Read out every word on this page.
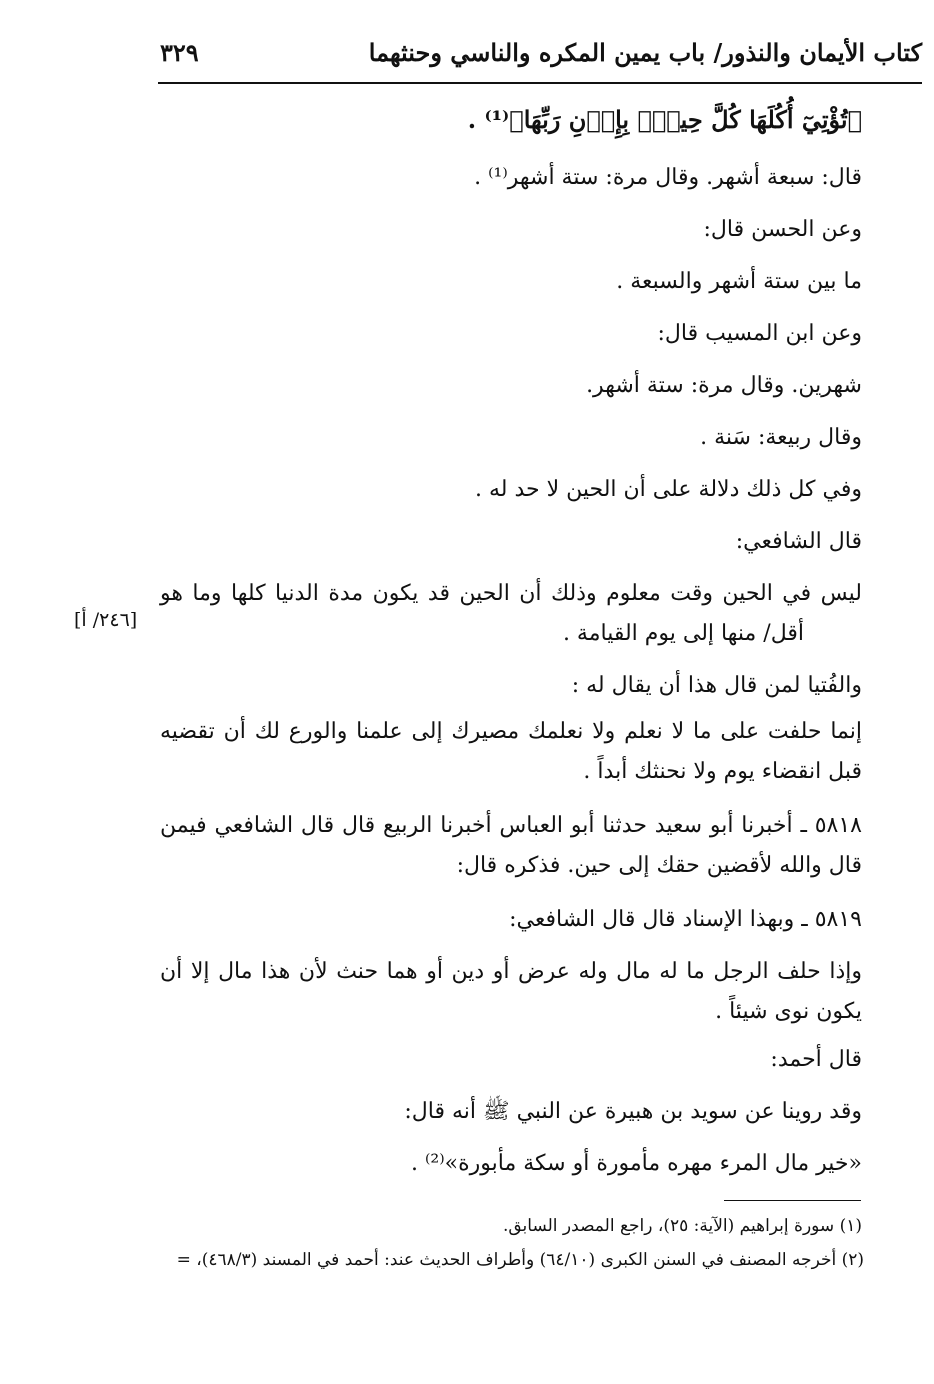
٣٢٩	كتاب الأيمان والنذور/ باب يمين المكره والناسي وحنثهما
﴿تُؤْتِيٓ أُكُلَهَا كُلَّ حِينِۢ بِإِذۡنِ رَبِّهَا﴾⁽¹⁾ .
قال: سبعة أشهر. وقال مرة: ستة أشهر⁽¹⁾ .
وعن الحسن قال:
ما بين ستة أشهر والسبعة .
وعن ابن المسيب قال:
شهرين. وقال مرة: ستة أشهر.
وقال ربيعة: سَنة .
وفي كل ذلك دلالة على أن الحين لا حد له .
قال الشافعي:
ليس في الحين وقت معلوم وذلك أن الحين قد يكون مدة الدنيا كلها وما هو
أقل/ منها إلى يوم القيامة .
والفُتيا لمن قال هذا أن يقال له :
إنما حلفت على ما لا نعلم ولا نعلمك مصيرك إلى علمنا والورع لك أن تقضيه
قبل انقضاء يوم ولا نحنثك أبداً .
٥٨١٨ ـ أخبرنا أبو سعيد حدثنا أبو العباس أخبرنا الربيع قال قال الشافعي فيمن
قال والله لأقضين حقك إلى حين. فذكره قال:
٥٨١٩ ـ وبهذا الإسناد قال قال الشافعي:
وإذا حلف الرجل ما له مال وله عرض أو دين أو هما حنث لأن هذا مال إلا أن
يكون نوى شيئاً .
قال أحمد:
وقد روينا عن سويد بن هبيرة عن النبي ﷺ أنه قال:
«خير مال المرء مهره مأمورة أو سكة مأبورة»⁽²⁾ .
[٢٤٦/ أ]
(١) سورة إبراهيم (الآية: ٢٥)، راجع المصدر السابق.
(٢) أخرجه المصنف في السنن الكبرى (٦٤/١٠) وأطراف الحديث عند: أحمد في المسند (٤٦٨/٣)، =
